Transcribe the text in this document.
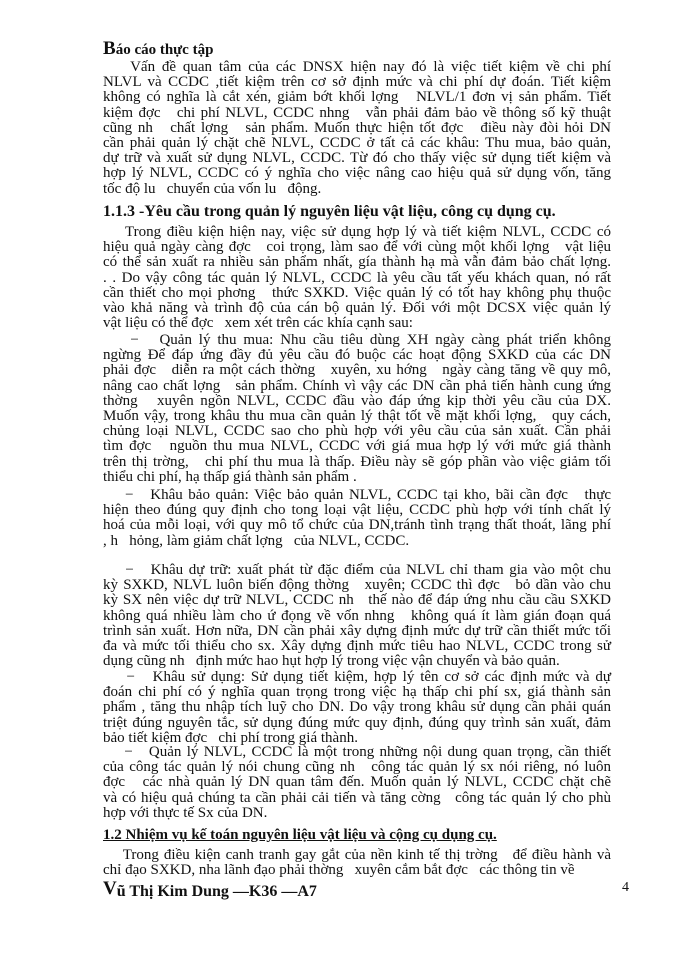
Báo cáo thực tập
Vấn đề quan tâm của các DNSX hiện nay đó là việc tiết kiệm về chi phí
NLVL và CCDC ,tiết kiệm trên cơ sở định mức và chi phí dự đoán. Tiết kiệm
không có nghĩa là cắt xén, giảm bớt khối lợng   NLVL/1 đơn vị sản phẩm. Tiết
kiệm đợc   chi phí NLVL, CCDC nhng   vẫn phải đảm bảo về thông số kỹ thuật
cũng nh   chất lợng   sản phẩm. Muốn thực hiện tốt đợc   điều này đòi hỏi DN
cần phải quản lý chặt chẽ NLVL, CCDC ở tất cả các khâu: Thu mua, bảo quản,
dự trữ và xuất sử dụng NLVL, CCDC. Từ đó cho thấy việc sử dụng tiết kiệm và
hợp lý NLVL, CCDC có ý nghĩa cho việc nâng cao hiệu quả sử dụng vốn, tăng
tốc độ lu   chuyển của vốn lu   động.
1.1.3 -Yêu cầu trong quản lý nguyên liệu vật liệu, công cụ dụng cụ.
Trong điều kiện hiện nay, việc sử dụng hợp lý và tiết kiệm NLVL, CCDC có
hiệu quả ngày càng đợc   coi trọng, làm sao để với cùng một khối lợng   vật liệu
có thể sản xuất ra nhiều sản phẩm nhất, gía thành hạ mà vẫn đảm bảo chất lợng.
. . Do vậy công tác quản lý NLVL, CCDC là yêu cầu tất yếu khách quan, nó rất
cần thiết cho mọi phơng   thức SXKD. Việc quản lý có tốt hay không phụ thuộc
vào khả năng và trình độ của cán bộ quản lý. Đối với một DCSX việc quản lý
vật liệu có thể đợc   xem xét trên các khía cạnh sau:
−   Quản lý thu mua: Nhu cầu tiêu dùng XH ngày càng phát triển không
ngừng Để đáp ứng đầy đủ yêu cầu đó buộc các hoạt động SXKD của các DN
phải đợc   diễn ra một cách thờng   xuyên, xu hớng   ngày càng tăng về quy mô,
nâng cao chất lợng   sản phẩm. Chính vì vậy các DN cần phả tiến hành cung ứng
thờng   xuyên ngồn NLVL, CCDC đầu vào đáp ứng kịp thời yêu cầu của DX.
Muốn vậy, trong khâu thu mua cần quản lý thật tốt về mặt khối lợng,   quy cách,
chủng loại NLVL, CCDC sao cho phù hợp với yêu cầu của sản xuất. Cần phải
tìm đợc   nguồn thu mua NLVL, CCDC với giá mua hợp lý với mức giá thành
trên thị trờng,   chi phí thu mua là thấp. Điều này sẽ góp phần vào việc giảm tối
thiểu chi phí, hạ thấp giá thành sản phẩm .
−   Khâu bảo quản: Việc bảo quản NLVL, CCDC tại kho, bãi cần đợc   thực
hiện theo đúng quy định cho tong loại vật liệu, CCDC phù hợp với tính chất lý
hoá của mỗi loại, với quy mô tổ chức của DN,tránh tình trạng thất thoát, lãng phí
, h   hỏng, làm giảm chất lợng   của NLVL, CCDC.
−   Khâu dự trữ: xuất phát từ đặc điểm của NLVL chỉ tham gia vào một chu
kỳ SXKD, NLVL luôn biến động thờng   xuyên; CCDC thì đợc   bỏ dần vào chu
kỳ SX nên việc dự trữ NLVL, CCDC nh   thế nào để đáp ứng nhu cầu cầu SXKD
không quá nhiều làm cho ứ đọng về vốn nhng   không quá ít làm gián đoạn quá
trình sản xuất. Hơn nữa, DN cần phải xây dựng định mức dự trữ cần thiết mức tối
đa và mức tối thiểu cho sx. Xây dựng định mức tiêu hao NLVL, CCDC trong sử
dụng cũng nh   định mức hao hụt hợp lý trong việc vận chuyển và bảo quản.
−   Khâu sử dụng: Sử dụng tiết kiệm, hợp lý tên cơ sở các định mức và dự
đoán chi phí có ý nghĩa quan trọng trong việc hạ thấp chi phí sx, giá thành sản
phẩm , tăng thu nhập tích luỹ cho DN. Do vậy trong khâu sử dụng cần phải quán
triệt đúng nguyên tắc, sử dụng đúng mức quy định, đúng quy trình sản xuất, đảm
bảo tiết kiệm đợc   chi phí trong giá thành.
−   Quản lý NLVL, CCDC là một trong những nội dung quan trọng, cần thiết
của công tác quản lý nói chung cũng nh   công tác quản lý sx nói riêng, nó luôn
đợc   các nhà quản lý DN quan tâm đến. Muốn quản lý NLVL, CCDC chặt chẽ
và có hiệu quả chúng ta cần phải cải tiến và tăng cờng   công tác quản lý cho phù
hợp với thực tế Sx của DN.
1.2 Nhiệm vụ kế toán nguyên liệu vật liệu và cộng cụ dụng cụ.
Trong điều kiện canh tranh gay gắt của nền kinh tế thị trờng   để điều hành và
chỉ đạo SXKD, nha lãnh đạo phải thờng   xuyên cắm bắt đợc   các thông tin về
Vũ Thị Kim Dung —K36 —A7	4
